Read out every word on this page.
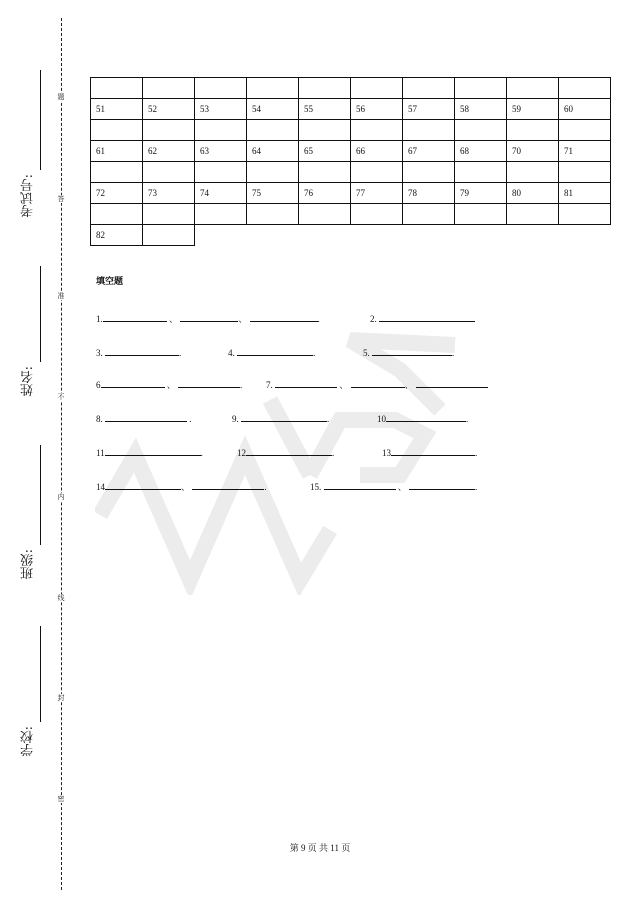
题
答
准
不
内
线
封
密
考试号:
姓名:
班级:
学校:

51	52	53	54	55	56	57	58	59	60

61	62	63	64	65	66	67	68	70	71

72	73	74	75	76	77	78	79	80	81

82									
填空题
1.	、	、	.	2.
3.	.	4.	.	5.	.
6	、	.	7.	、	、
8.	.	9.	.	10	.
11	.	12	.	13	.
14	、	.	15.	、	.
第 9 页 共 11 页
